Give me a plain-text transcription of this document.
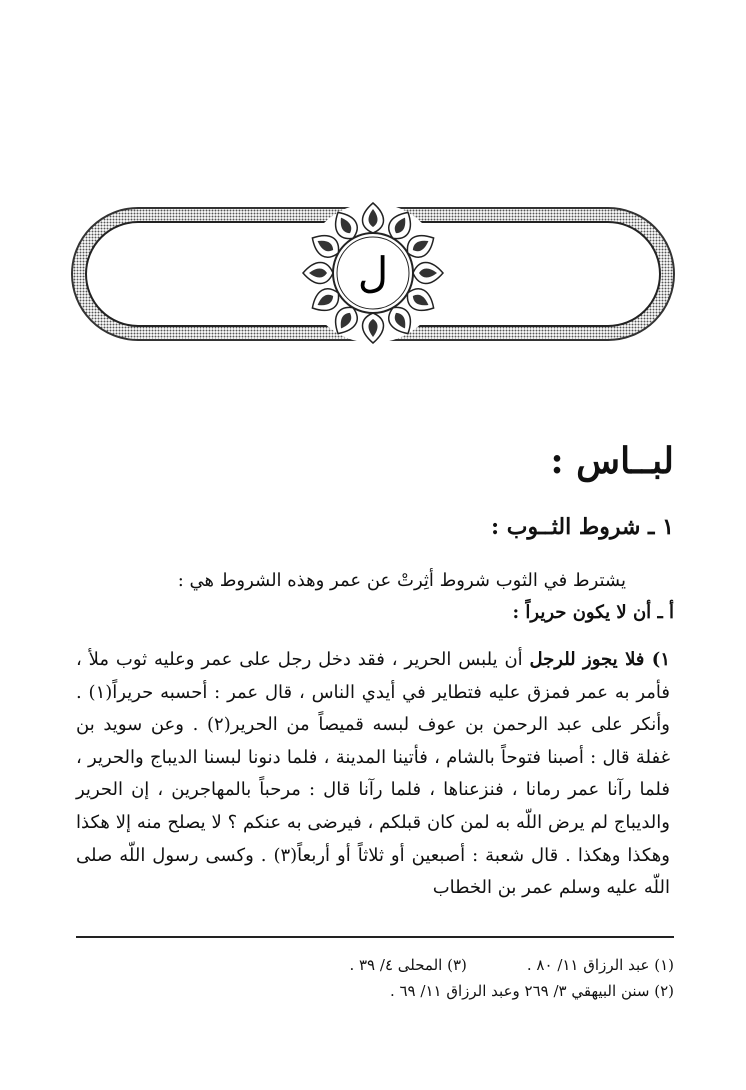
ل
لبــاس :
١ ـ شروط الثــوب :
يشترط في الثوب شروط أثِرتْ عن عمر وهذه الشروط هي :
أ ـ أن لا يكون حريراً :
١) فلا يجوز للرجل أن يلبس الحرير ، فقد دخل رجل على عمر وعليه ثوب ملأ ، فأمر به عمر فمزق عليه فتطاير في أيدي الناس ، قال عمر : أحسبه حريراً(١) . وأنكر على عبد الرحمن بن عوف لبسه قميصاً من الحرير(٢) . وعن سويد بن غفلة قال : أصبنا فتوحاً بالشام ، فأتينا المدينة ، فلما دنونا لبسنا الديباج والحرير ، فلما رآنا عمر رمانا ، فنزعناها ، فلما رآنا قال : مرحباً بالمهاجرين ، إن الحرير والديباج لم يرض اللّه به لمن كان قبلكم ، فيرضى به عنكم ؟ لا يصلح منه إلا هكذا وهكذا وهكذا . قال شعبة : أصبعين أو ثلاثاً أو أربعاً(٣) . وكسى رسول اللّه صلى اللّه عليه وسلم عمر بن الخطاب
(١) عبد الرزاق ١١/ ٨٠ .
(٣) المحلى ٤/ ٣٩ .
(٢) سنن البيهقي ٣/ ٢٦٩ وعبد الرزاق ١١/ ٦٩ .
